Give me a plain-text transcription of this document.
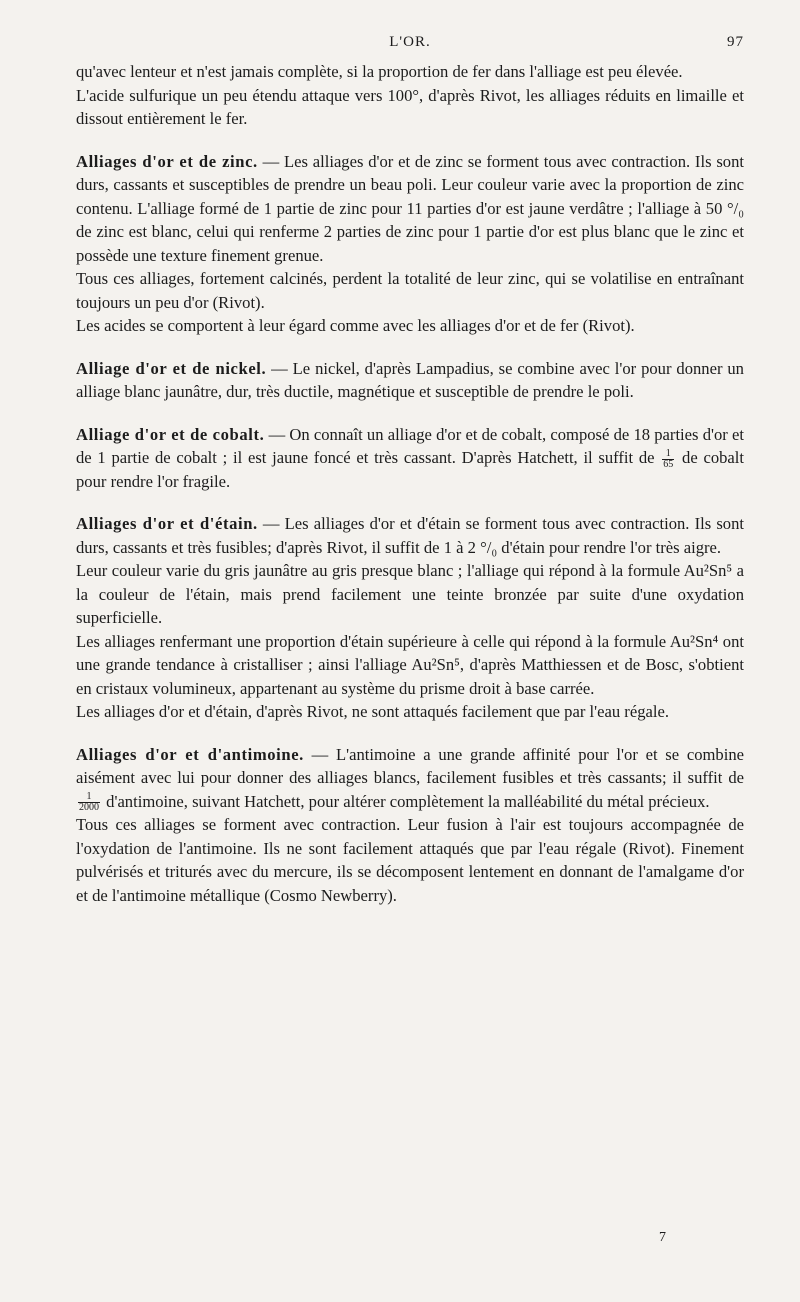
L'OR.	97

qu'avec lenteur et n'est jamais complète, si la proportion de fer dans l'alliage est peu élevée.

L'acide sulfurique un peu étendu attaque vers 100°, d'après Rivot, les alliages réduits en limaille et dissout entièrement le fer.

Alliages d'or et de zinc. — Les alliages d'or et de zinc se forment tous avec contraction. Ils sont durs, cassants et susceptibles de prendre un beau poli. Leur couleur varie avec la proportion de zinc contenu. L'alliage formé de 1 partie de zinc pour 11 parties d'or est jaune verdâtre ; l'alliage à 50 °/₀ de zinc est blanc, celui qui renferme 2 parties de zinc pour 1 partie d'or est plus blanc que le zinc et possède une texture finement grenue.

Tous ces alliages, fortement calcinés, perdent la totalité de leur zinc, qui se volatilise en entraînant toujours un peu d'or (Rivot).

Les acides se comportent à leur égard comme avec les alliages d'or et de fer (Rivot).

Alliage d'or et de nickel. — Le nickel, d'après Lampadius, se combine avec l'or pour donner un alliage blanc jaunâtre, dur, très ductile, magnétique et susceptible de prendre le poli.

Alliage d'or et de cobalt. — On connaît un alliage d'or et de cobalt, composé de 18 parties d'or et de 1 partie de cobalt ; il est jaune foncé et très cassant. D'après Hatchett, il suffit de $\frac{1}{65}$ de cobalt pour rendre l'or fragile.

Alliages d'or et d'étain. — Les alliages d'or et d'étain se forment tous avec contraction. Ils sont durs, cassants et très fusibles; d'après Rivot, il suffit de 1 à 2 °/₀ d'étain pour rendre l'or très aigre.

Leur couleur varie du gris jaunâtre au gris presque blanc ; l'alliage qui répond à la formule Au²Sn⁵ a la couleur de l'étain, mais prend facilement une teinte bronzée par suite d'une oxydation superficielle.

Les alliages renfermant une proportion d'étain supérieure à celle qui répond à la formule Au²Sn⁴ ont une grande tendance à cristalliser ; ainsi l'alliage Au²Sn⁵, d'après Matthiessen et de Bosc, s'obtient en cristaux volumineux, appartenant au système du prisme droit à base carrée.

Les alliages d'or et d'étain, d'après Rivot, ne sont attaqués facilement que par l'eau régale.

Alliages d'or et d'antimoine. — L'antimoine a une grande affinité pour l'or et se combine aisément avec lui pour donner des alliages blancs, facilement fusibles et très cassants; il suffit de
$\frac{1}{2000}$ d'antimoine, suivant Hatchett, pour altérer complètement la malléabilité du métal précieux.

Tous ces alliages se forment avec contraction. Leur fusion à l'air est toujours accompagnée de l'oxydation de l'antimoine. Ils ne sont facilement attaqués que par l'eau régale (Rivot). Finement pulvérisés et triturés avec du mercure, ils se décomposent lentement en donnant de l'amalgame d'or et de l'antimoine métallique (Cosmo Newberry).

7
